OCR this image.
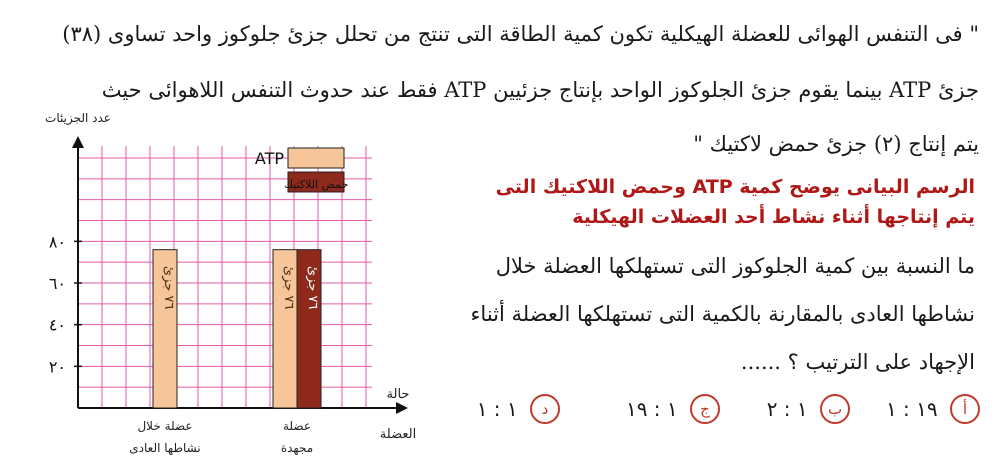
" فى التنفس الهوائى للعضلة الهيكلية تكون كمية الطاقة التى تنتج من تحلل جزئ جلوكوز واحد تساوى (٣٨)
جزئ ATP بينما يقوم جزئ الجلوكوز الواحد بإنتاج جزئيين ATP فقط عند حدوث التنفس اللاهوائى حيث
يتم إنتاج (٢) جزئ حمض لاكتيك "
الرسم البيانى يوضح كمية ATP وحمض اللاكتيك التى
يتم إنتاجها أثناء نشاط أحد العضلات الهيكلية
ما النسبة بين كمية الجلوكوز التى تستهلكها العضلة خلال
نشاطها العادى بالمقارنة بالكمية التى تستهلكها العضلة أثناء
الإجهاد على الترتيب ؟ ......
أ ١٩ : ١
ب ١ : ٢
ج ١ : ١٩
د ١ : ١
٢٠
٤٠
٦٠
٨٠
عدد الجزيئات
حالة
العضلة
٧٦ جزئ
عضلة خلال
نشاطها العادى
٧٦ جزئ
٧٦ جزئ
عضلة
مجهدة
ATP
حمض اللاكتيك
